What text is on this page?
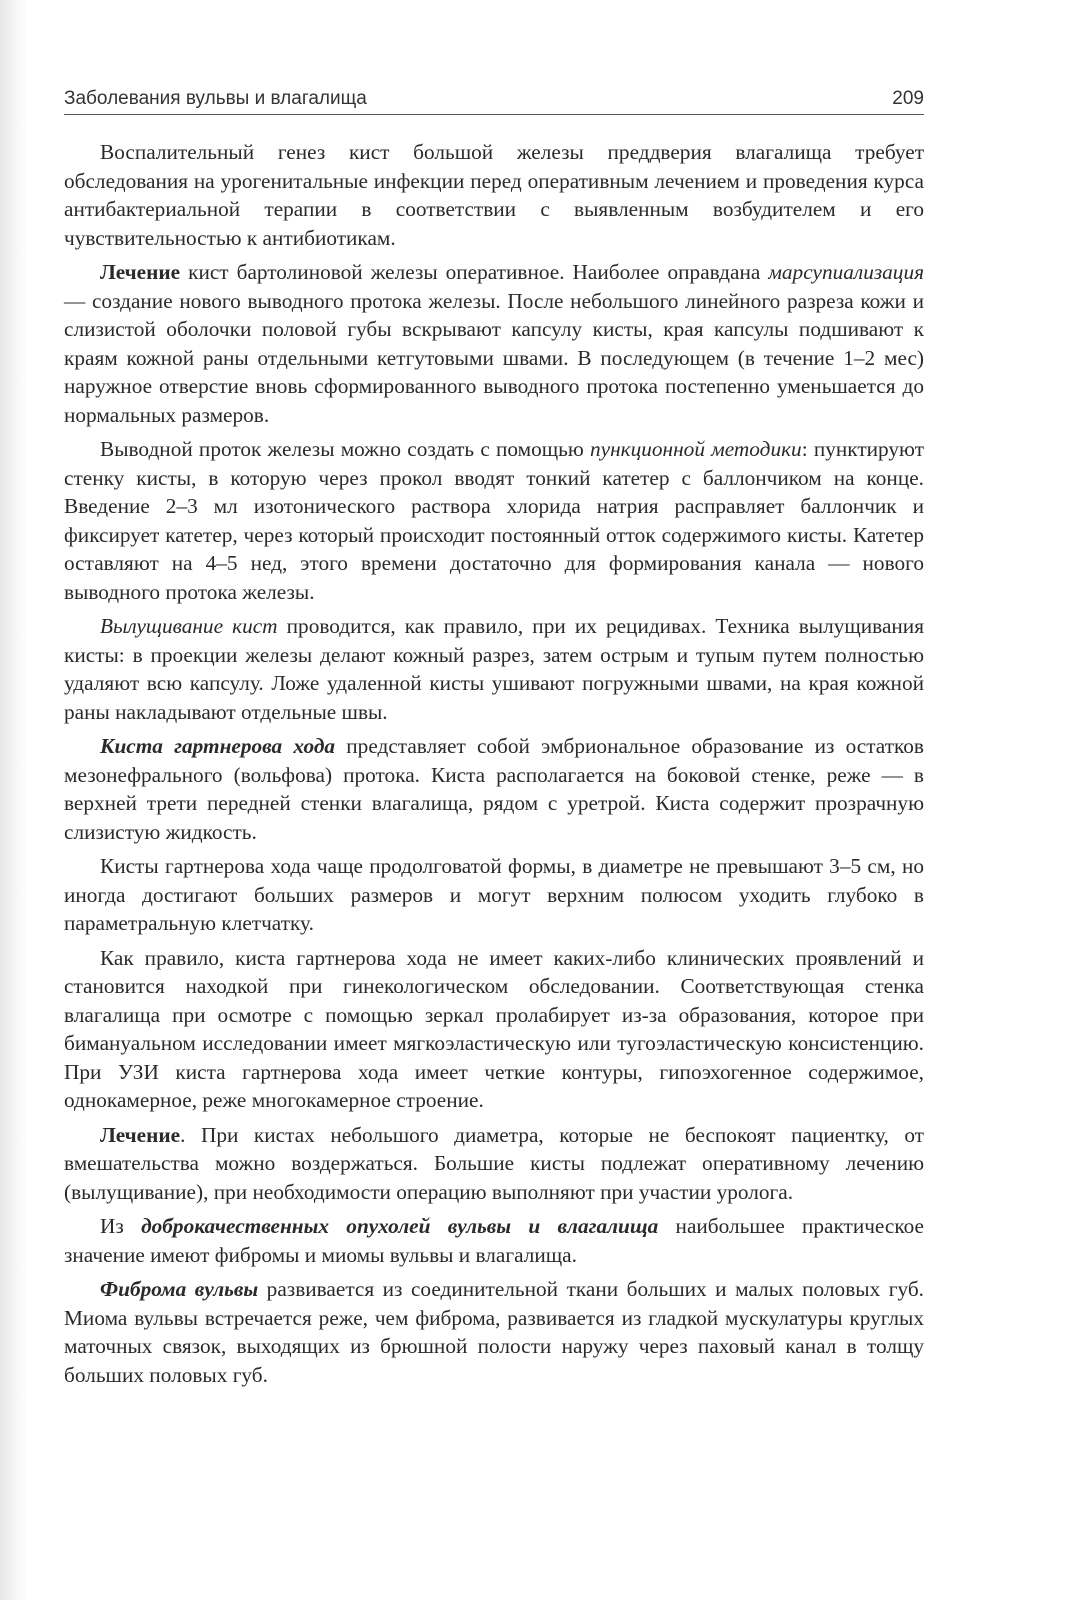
Заболевания вульвы и влагалища	209

Воспалительный генез кист большой железы преддверия влагалища требует обследования на урогенитальные инфекции перед оперативным лечением и проведения курса антибактериальной терапии в соответствии с выявленным возбудителем и его чувствительностью к антибиотикам.

Лечение кист бартолиновой железы оперативное. Наиболее оправдана марсупиализация — создание нового выводного протока железы. После небольшого линейного разреза кожи и слизистой оболочки половой губы вскрывают капсулу кисты, края капсулы подшивают к краям кожной раны отдельными кетгутовыми швами. В последующем (в течение 1–2 мес) наружное отверстие вновь сформированного выводного протока постепенно уменьшается до нормальных размеров.

Выводной проток железы можно создать с помощью пункционной методики: пунктируют стенку кисты, в которую через прокол вводят тонкий катетер с баллончиком на конце. Введение 2–3 мл изотонического раствора хлорида натрия расправляет баллончик и фиксирует катетер, через который происходит постоянный отток содержимого кисты. Катетер оставляют на 4–5 нед, этого времени достаточно для формирования канала — нового выводного протока железы.

Вылущивание кист проводится, как правило, при их рецидивах. Техника вылущивания кисты: в проекции железы делают кожный разрез, затем острым и тупым путем полностью удаляют всю капсулу. Ложе удаленной кисты ушивают погружными швами, на края кожной раны накладывают отдельные швы.

Киста гартнерова хода представляет собой эмбриональное образование из остатков мезонефрального (вольфова) протока. Киста располагается на боковой стенке, реже — в верхней трети передней стенки влагалища, рядом с уретрой. Киста содержит прозрачную слизистую жидкость.

Кисты гартнерова хода чаще продолговатой формы, в диаметре не превышают 3–5 см, но иногда достигают больших размеров и могут верхним полюсом уходить глубоко в параметральную клетчатку.

Как правило, киста гартнерова хода не имеет каких-либо клинических проявлений и становится находкой при гинекологическом обследовании. Соответствующая стенка влагалища при осмотре с помощью зеркал пролабирует из-за образования, которое при бимануальном исследовании имеет мягкоэластическую или тугоэластическую консистенцию. При УЗИ киста гартнерова хода имеет четкие контуры, гипоэхогенное содержимое, однокамерное, реже многокамерное строение.

Лечение. При кистах небольшого диаметра, которые не беспокоят пациентку, от вмешательства можно воздержаться. Большие кисты подлежат оперативному лечению (вылущивание), при необходимости операцию выполняют при участии уролога.

Из доброкачественных опухолей вульвы и влагалища наибольшее практическое значение имеют фибромы и миомы вульвы и влагалища.

Фиброма вульвы развивается из соединительной ткани больших и малых половых губ. Миома вульвы встречается реже, чем фиброма, развивается из гладкой мускулатуры круглых маточных связок, выходящих из брюшной полости наружу через паховый канал в толщу больших половых губ.
